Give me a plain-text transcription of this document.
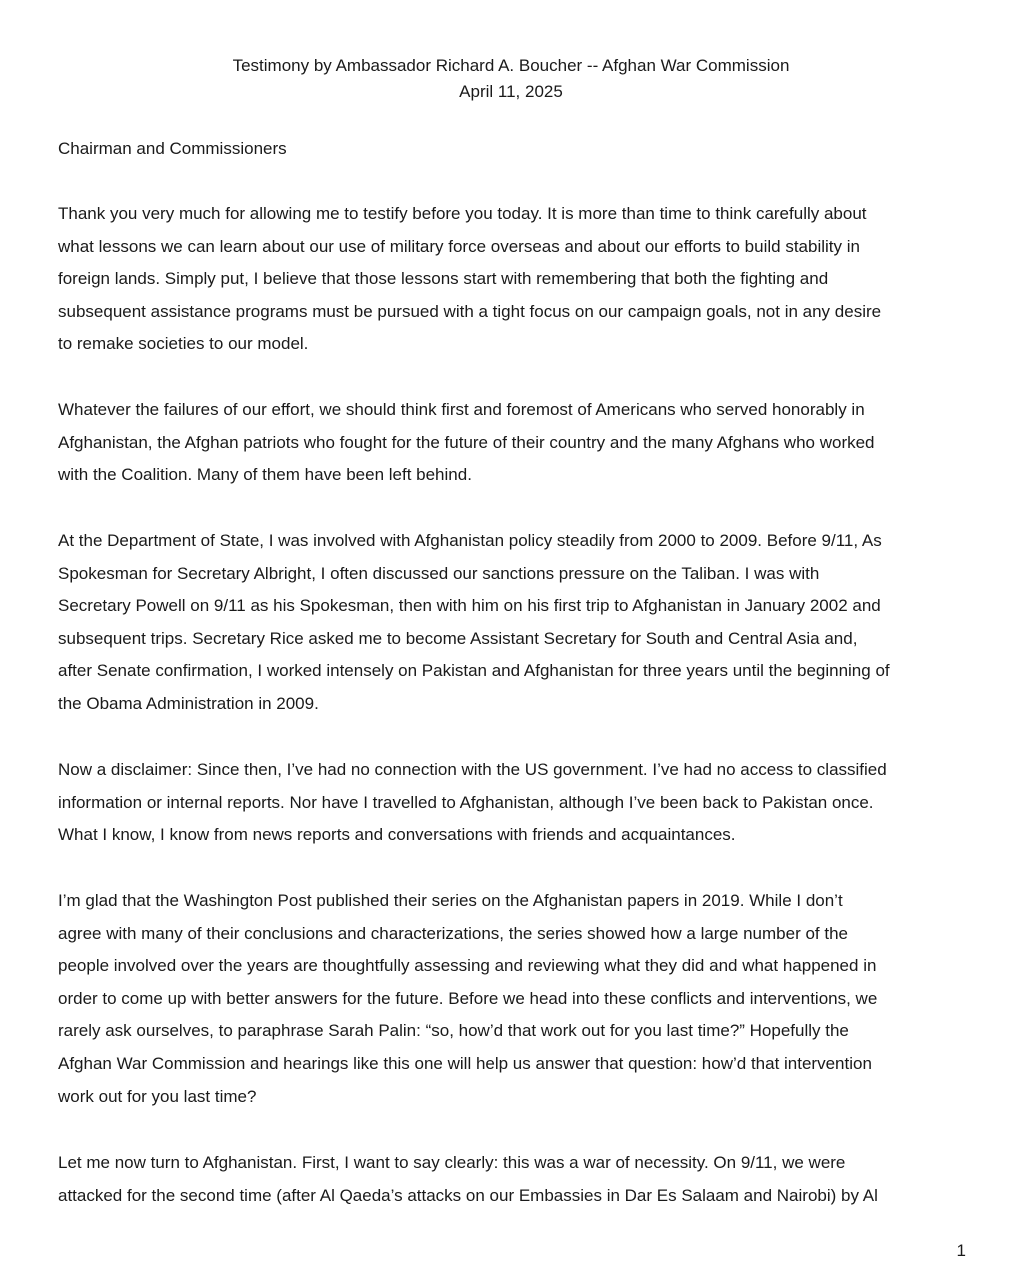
Testimony by Ambassador Richard A. Boucher -- Afghan War Commission
April 11, 2025
Chairman and Commissioners
Thank you very much for allowing me to testify before you today. It is more than time to think carefully about
what lessons we can learn about our use of military force overseas and about our efforts to build stability in
foreign lands. Simply put, I believe that those lessons start with remembering that both the fighting and
subsequent assistance programs must be pursued with a tight focus on our campaign goals, not in any desire
to remake societies to our model.
Whatever the failures of our effort, we should think first and foremost of Americans who served honorably in
Afghanistan, the Afghan patriots who fought for the future of their country and the many Afghans who worked
with the Coalition. Many of them have been left behind.
At the Department of State, I was involved with Afghanistan policy steadily from 2000 to 2009. Before 9/11, As
Spokesman for Secretary Albright, I often discussed our sanctions pressure on the Taliban. I was with
Secretary Powell on 9/11 as his Spokesman, then with him on his first trip to Afghanistan in January 2002 and
subsequent trips. Secretary Rice asked me to become Assistant Secretary for South and Central Asia and,
after Senate confirmation, I worked intensely on Pakistan and Afghanistan for three years until the beginning of
the Obama Administration in 2009.
Now a disclaimer: Since then, I’ve had no connection with the US government. I’ve had no access to classified
information or internal reports. Nor have I travelled to Afghanistan, although I’ve been back to Pakistan once.
What I know, I know from news reports and conversations with friends and acquaintances.
I’m glad that the Washington Post published their series on the Afghanistan papers in 2019. While I don’t
agree with many of their conclusions and characterizations, the series showed how a large number of the
people involved over the years are thoughtfully assessing and reviewing what they did and what happened in
order to come up with better answers for the future. Before we head into these conflicts and interventions, we
rarely ask ourselves, to paraphrase Sarah Palin: “so, how’d that work out for you last time?” Hopefully the
Afghan War Commission and hearings like this one will help us answer that question: how’d that intervention
work out for you last time?
Let me now turn to Afghanistan. First, I want to say clearly: this was a war of necessity. On 9/11, we were
attacked for the second time (after Al Qaeda’s attacks on our Embassies in Dar Es Salaam and Nairobi) by Al
1
